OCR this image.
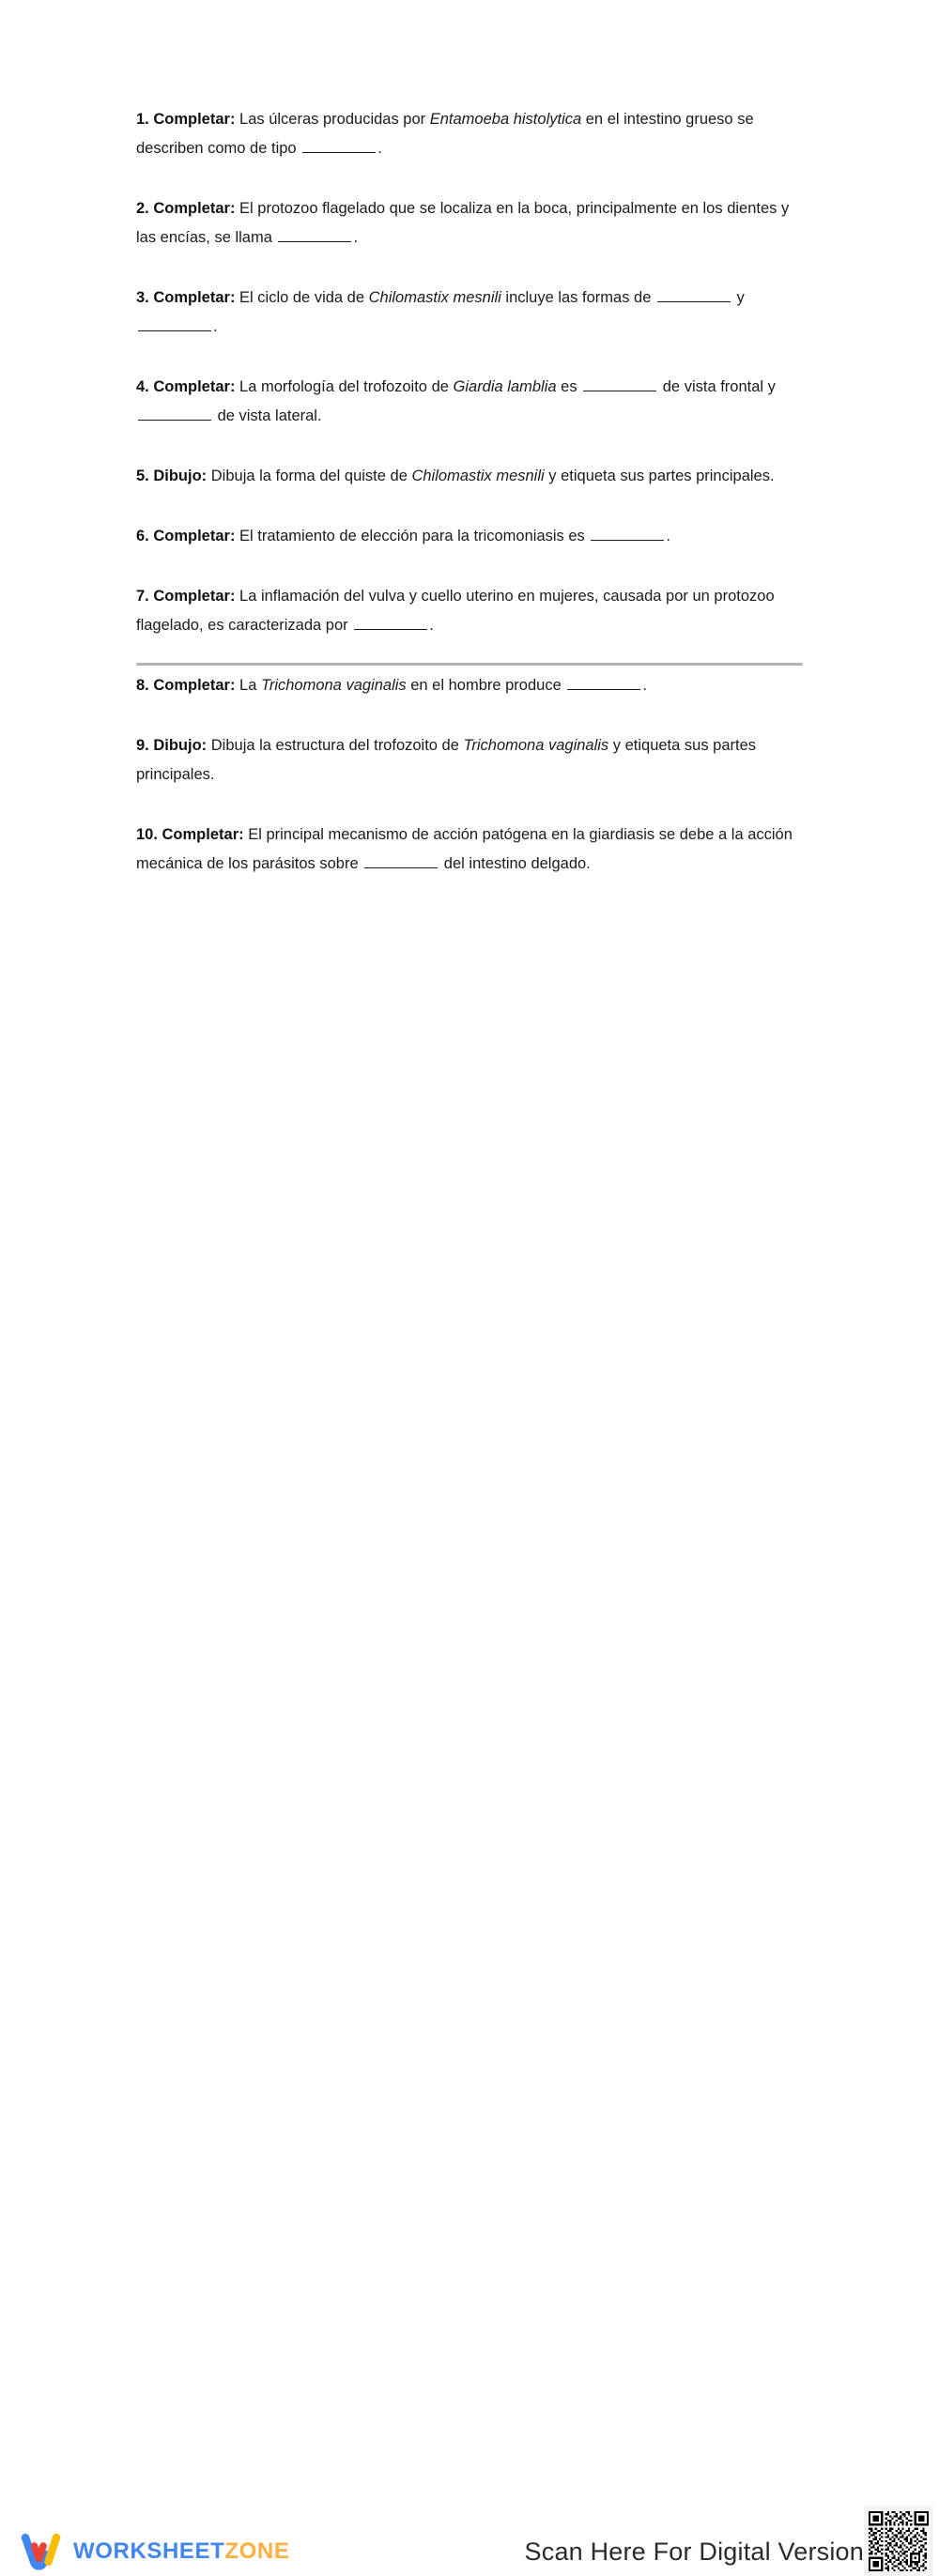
1. Completar: Las úlceras producidas por Entamoeba histolytica en el intestino grueso se describen como de tipo	.

2. Completar: El protozoo flagelado que se localiza en la boca, principalmente en los dientes y las encías, se llama	.

3. Completar: El ciclo de vida de Chilomastix mesnili incluye las formas de	y .

4. Completar: La morfología del trofozoito de Giardia lamblia es	de vista frontal y  de vista lateral.

5. Dibujo: Dibuja la forma del quiste de Chilomastix mesnili y etiqueta sus partes principales.

6. Completar: El tratamiento de elección para la tricomoniasis es	.

7. Completar: La inflamación del vulva y cuello uterino en mujeres, causada por un protozoo flagelado, es caracterizada por	.

8. Completar: La Trichomona vaginalis en el hombre produce	.

9. Dibujo: Dibuja la estructura del trofozoito de Trichomona vaginalis y etiqueta sus partes principales.

10. Completar: El principal mecanismo de acción patógena en la giardiasis se debe a la acción mecánica de los parásitos sobre	del intestino delgado.

WORKSHEETZONE	Scan Here For Digital Version
